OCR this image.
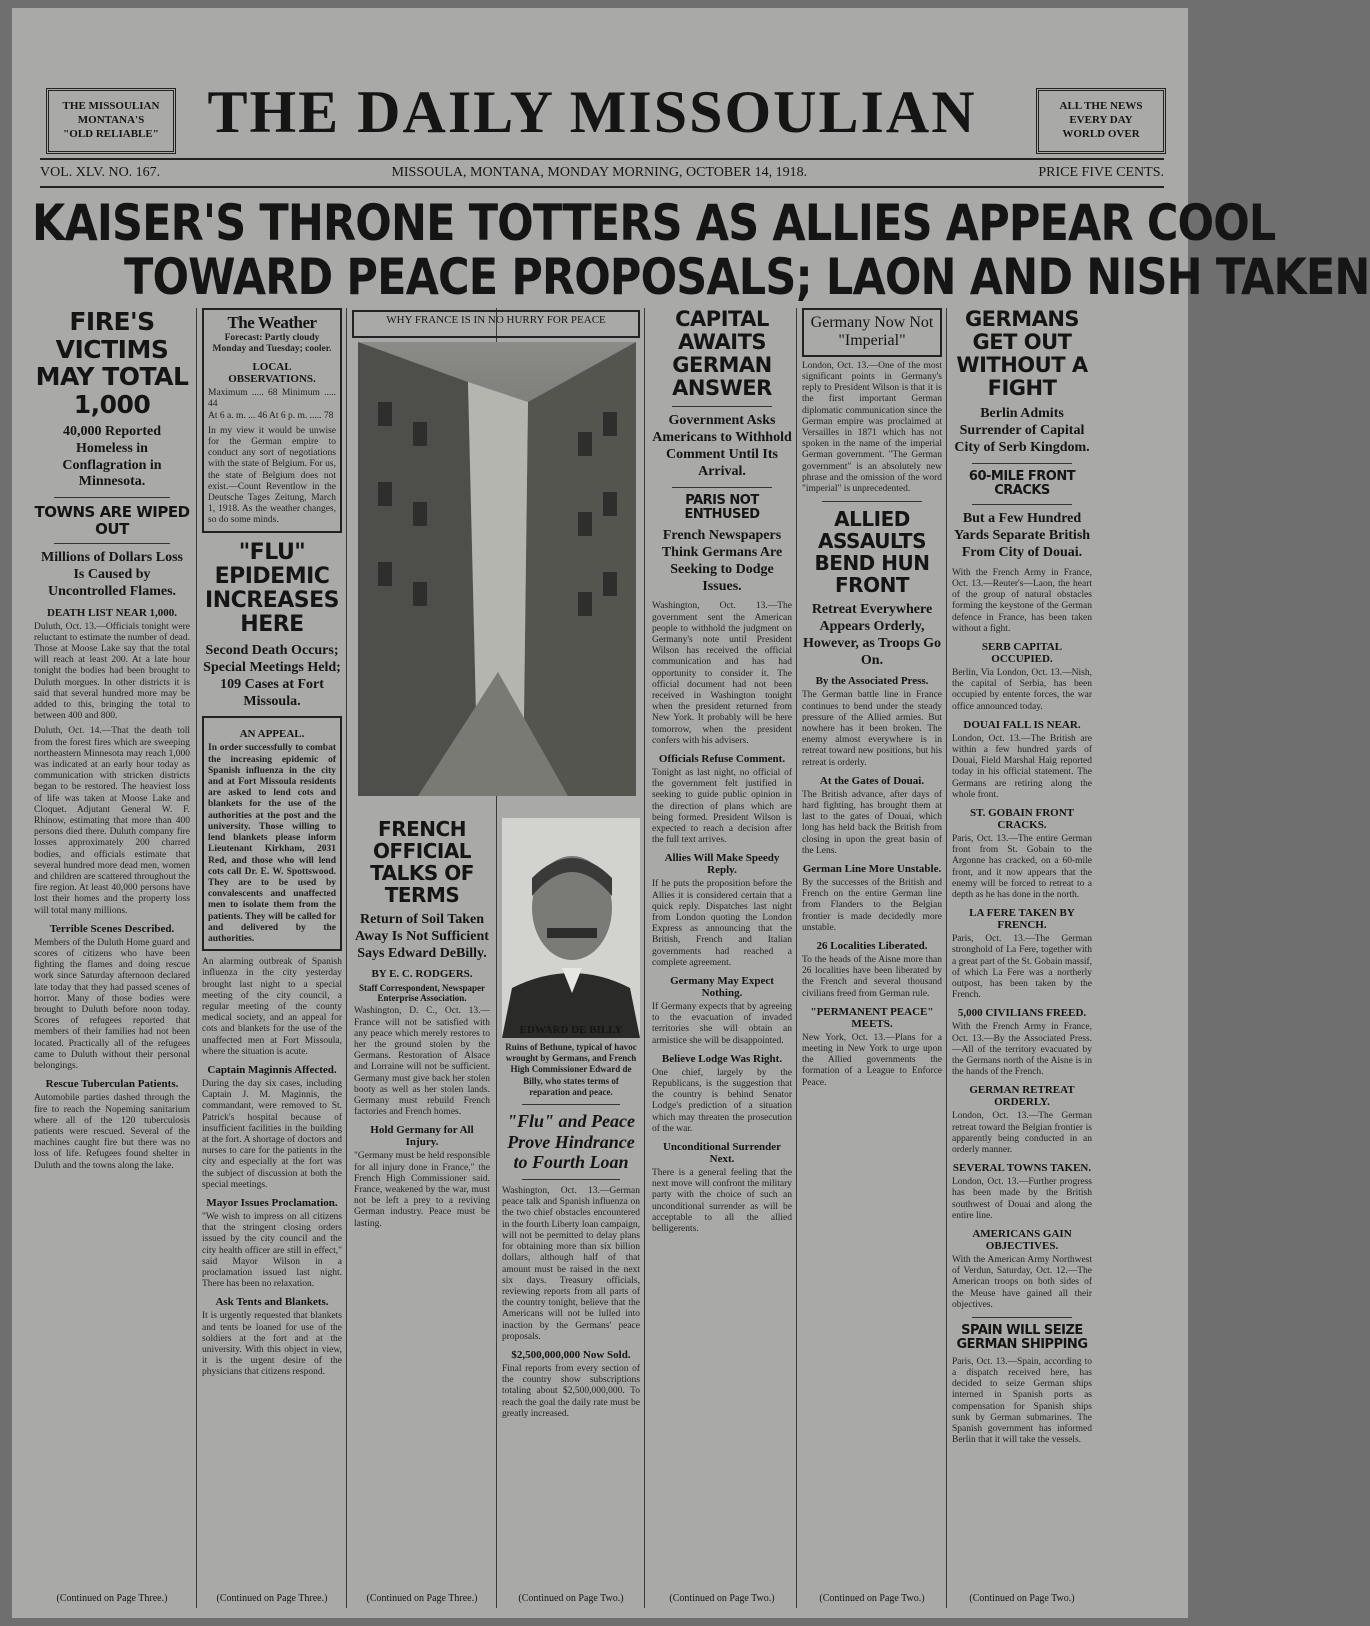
THE MISSOULIAN
MONTANA'S
"OLD RELIABLE"
ALL THE NEWS
EVERY DAY
WORLD OVER
THE DAILY MISSOULIAN
VOL. XLV. NO. 167.	MISSOULA, MONTANA, MONDAY MORNING, OCTOBER 14, 1918.	PRICE FIVE CENTS.
KAISER'S THRONE TOTTERS AS ALLIES APPEAR COOL
TOWARD PEACE PROPOSALS; LAON AND NISH TAKEN
FIRE'S VICTIMS MAY TOTAL 1,000
40,000 Reported Homeless in Conflagration in Minnesota.
TOWNS ARE WIPED OUT
Millions of Dollars Loss Is Caused by Uncontrolled Flames.
DEATH LIST NEAR 1,000.
Duluth, Oct. 13.—Officials tonight were reluctant to estimate the number of dead. Those at Moose Lake say that the total will reach at least 200. At a late hour tonight the bodies had been brought to Duluth morgues. In other districts it is said that several hundred more may be added to this, bringing the total to between 400 and 800.
Duluth, Oct. 14.—That the death toll from the forest fires which are sweeping northeastern Minnesota may reach 1,000 was indicated at an early hour today as communication with stricken districts began to be restored. The heaviest loss of life was taken at Moose Lake and Cloquet. Adjutant General W. F. Rhinow, estimating that more than 400 persons died there. Duluth company fire losses approximately 200 charred bodies, and officials estimate that several hundred more dead men, women and children are scattered throughout the fire region. At least 40,000 persons have lost their homes and the property loss will total many millions.
Terrible Scenes Described.
Members of the Duluth Home guard and scores of citizens who have been fighting the flames and doing rescue work since Saturday afternoon declared late today that they had passed scenes of horror. Many of those bodies were brought to Duluth before noon today. Scores of refugees reported that members of their families had not been located. Practically all of the refugees came to Duluth without their personal belongings.
Rescue Tuberculan Patients.
Automobile parties dashed through the fire to reach the Nopeming sanitarium where all of the 120 tuberculosis patients were rescued. Several of the machines caught fire but there was no loss of life. Refugees found shelter in Duluth and the towns along the lake.
(Continued on Page Three.)
The Weather
Forecast: Partly cloudy Monday and Tuesday; cooler.
LOCAL OBSERVATIONS.
Maximum ..... 68 Minimum ..... 44
At 6 a. m. ... 46 At 6 p. m. ..... 78
In my view it would be unwise for the German empire to conduct any sort of negotiations with the state of Belgium. For us, the state of Belgium does not exist.—Count Reventlow in the Deutsche Tages Zeitung, March 1, 1918. As the weather changes, so do some minds.
"FLU" EPIDEMIC INCREASES HERE
Second Death Occurs; Special Meetings Held; 109 Cases at Fort Missoula.
AN APPEAL.
In order successfully to combat the increasing epidemic of Spanish influenza in the city and at Fort Missoula residents are asked to lend cots and blankets for the use of the authorities at the post and the university. Those willing to lend blankets please inform Lieutenant Kirkham, 2031 Red, and those who will lend cots call Dr. E. W. Spottswood. They are to be used by convalescents and unaffected men to isolate them from the patients. They will be called for and delivered by the authorities.
An alarming outbreak of Spanish influenza in the city yesterday brought last night to a special meeting of the city council, a regular meeting of the county medical society, and an appeal for cots and blankets for the use of the unaffected men at Fort Missoula, where the situation is acute.
Captain Maginnis Affected.
During the day six cases, including Captain J. M. Maginnis, the commandant, were removed to St. Patrick's hospital because of insufficient facilities in the building at the fort. A shortage of doctors and nurses to care for the patients in the city and especially at the fort was the subject of discussion at both the special meetings.
Mayor Issues Proclamation.
"We wish to impress on all citizens that the stringent closing orders issued by the city council and the city health officer are still in effect," said Mayor Wilson in a proclamation issued last night. There has been no relaxation.
Ask Tents and Blankets.
It is urgently requested that blankets and tents be loaned for use of the soldiers at the fort and at the university. With this object in view, it is the urgent desire of the physicians that citizens respond.
(Continued on Page Three.)
WHY FRANCE IS IN NO HURRY FOR PEACE
FRENCH OFFICIAL TALKS OF TERMS
Return of Soil Taken Away Is Not Sufficient Says Edward DeBilly.
BY E. C. RODGERS.
Staff Correspondent, Newspaper Enterprise Association.
Washington, D. C., Oct. 13.—France will not be satisfied with any peace which merely restores to her the ground stolen by the Germans. Restoration of Alsace and Lorraine will not be sufficient. Germany must give back her stolen booty as well as her stolen lands. Germany must rebuild French factories and French homes.
Hold Germany for All Injury.
"Germany must be held responsible for all injury done in France," the French High Commissioner said. France, weakened by the war, must not be left a prey to a reviving German industry. Peace must be lasting.
(Continued on Page Three.)
EDWARD DE BILLY
Ruins of Bethune, typical of havoc wrought by Germans, and French High Commissioner Edward de Billy, who states terms of reparation and peace.
"Flu" and Peace Prove Hindrance to Fourth Loan
Washington, Oct. 13.—German peace talk and Spanish influenza on the two chief obstacles encountered in the fourth Liberty loan campaign, will not be permitted to delay plans for obtaining more than six billion dollars, although half of that amount must be raised in the next six days. Treasury officials, reviewing reports from all parts of the country tonight, believe that the Americans will not be lulled into inaction by the Germans' peace proposals.
$2,500,000,000 Now Sold.
Final reports from every section of the country show subscriptions totaling about $2,500,000,000. To reach the goal the daily rate must be greatly increased.
(Continued on Page Two.)
CAPITAL AWAITS GERMAN ANSWER
Government Asks Americans to Withhold Comment Until Its Arrival.
PARIS NOT ENTHUSED
French Newspapers Think Germans Are Seeking to Dodge Issues.
Washington, Oct. 13.—The government sent the American people to withhold the judgment on Germany's note until President Wilson has received the official communication and has had opportunity to consider it. The official document had not been received in Washington tonight when the president returned from New York. It probably will be here tomorrow, when the president confers with his advisers.
Officials Refuse Comment.
Tonight as last night, no official of the government felt justified in seeking to guide public opinion in the direction of plans which are being formed. President Wilson is expected to reach a decision after the full text arrives.
Allies Will Make Speedy Reply.
If he puts the proposition before the Allies it is considered certain that a quick reply. Dispatches last night from London quoting the London Express as announcing that the British, French and Italian governments had reached a complete agreement.
Germany May Expect Nothing.
If Germany expects that by agreeing to the evacuation of invaded territories she will obtain an armistice she will be disappointed.
Believe Lodge Was Right.
One chief, largely by the Republicans, is the suggestion that the country is behind Senator Lodge's prediction of a situation which may threaten the prosecution of the war.
Unconditional Surrender Next.
There is a general feeling that the next move will confront the military party with the choice of such an unconditional surrender as will be acceptable to all the allied belligerents.
(Continued on Page Two.)
Germany Now Not "Imperial"
London, Oct. 13.—One of the most significant points in Germany's reply to President Wilson is that it is the first important German diplomatic communication since the German empire was proclaimed at Versailles in 1871 which has not spoken in the name of the imperial German government. "The German government" is an absolutely new phrase and the omission of the word "imperial" is unprecedented.
ALLIED ASSAULTS BEND HUN FRONT
Retreat Everywhere Appears Orderly, However, as Troops Go On.
By the Associated Press.
The German battle line in France continues to bend under the steady pressure of the Allied armies. But nowhere has it been broken. The enemy almost everywhere is in retreat toward new positions, but his retreat is orderly.
At the Gates of Douai.
The British advance, after days of hard fighting, has brought them at last to the gates of Douai, which long has held back the British from closing in upon the great basin of the Lens.
German Line More Unstable.
By the successes of the British and French on the entire German line from Flanders to the Belgian frontier is made decidedly more unstable.
26 Localities Liberated.
To the heads of the Aisne more than 26 localities have been liberated by the French and several thousand civilians freed from German rule.
"PERMANENT PEACE" MEETS.
New York, Oct. 13.—Plans for a meeting in New York to urge upon the Allied governments the formation of a League to Enforce Peace.
(Continued on Page Two.)
GERMANS GET OUT WITHOUT A FIGHT
Berlin Admits Surrender of Capital City of Serb Kingdom.
60-MILE FRONT CRACKS
But a Few Hundred Yards Separate British From City of Douai.
With the French Army in France, Oct. 13.—Reuter's—Laon, the heart of the group of natural obstacles forming the keystone of the German defence in France, has been taken without a fight.
SERB CAPITAL OCCUPIED.
Berlin, Via London, Oct. 13.—Nish, the capital of Serbia, has been occupied by entente forces, the war office announced today.
DOUAI FALL IS NEAR.
London, Oct. 13.—The British are within a few hundred yards of Douai, Field Marshal Haig reported today in his official statement. The Germans are retiring along the whole front.
ST. GOBAIN FRONT CRACKS.
Paris, Oct. 13.—The entire German front from St. Gobain to the Argonne has cracked, on a 60-mile front, and it now appears that the enemy will be forced to retreat to a depth as he has done in the north.
LA FERE TAKEN BY FRENCH.
Paris, Oct. 13.—The German stronghold of La Fere, together with a great part of the St. Gobain massif, of which La Fere was a northerly outpost, has been taken by the French.
5,000 CIVILIANS FREED.
With the French Army in France, Oct. 13.—By the Associated Press.—All of the territory evacuated by the Germans north of the Aisne is in the hands of the French.
GERMAN RETREAT ORDERLY.
London, Oct. 13.—The German retreat toward the Belgian frontier is apparently being conducted in an orderly manner.
SEVERAL TOWNS TAKEN.
London, Oct. 13.—Further progress has been made by the British southwest of Douai and along the entire line.
AMERICANS GAIN OBJECTIVES.
With the American Army Northwest of Verdun, Saturday, Oct. 12.—The American troops on both sides of the Meuse have gained all their objectives.
SPAIN WILL SEIZE GERMAN SHIPPING
Paris, Oct. 13.—Spain, according to a dispatch received here, has decided to seize German ships interned in Spanish ports as compensation for Spanish ships sunk by German submarines. The Spanish government has informed Berlin that it will take the vessels.
(Continued on Page Two.)
